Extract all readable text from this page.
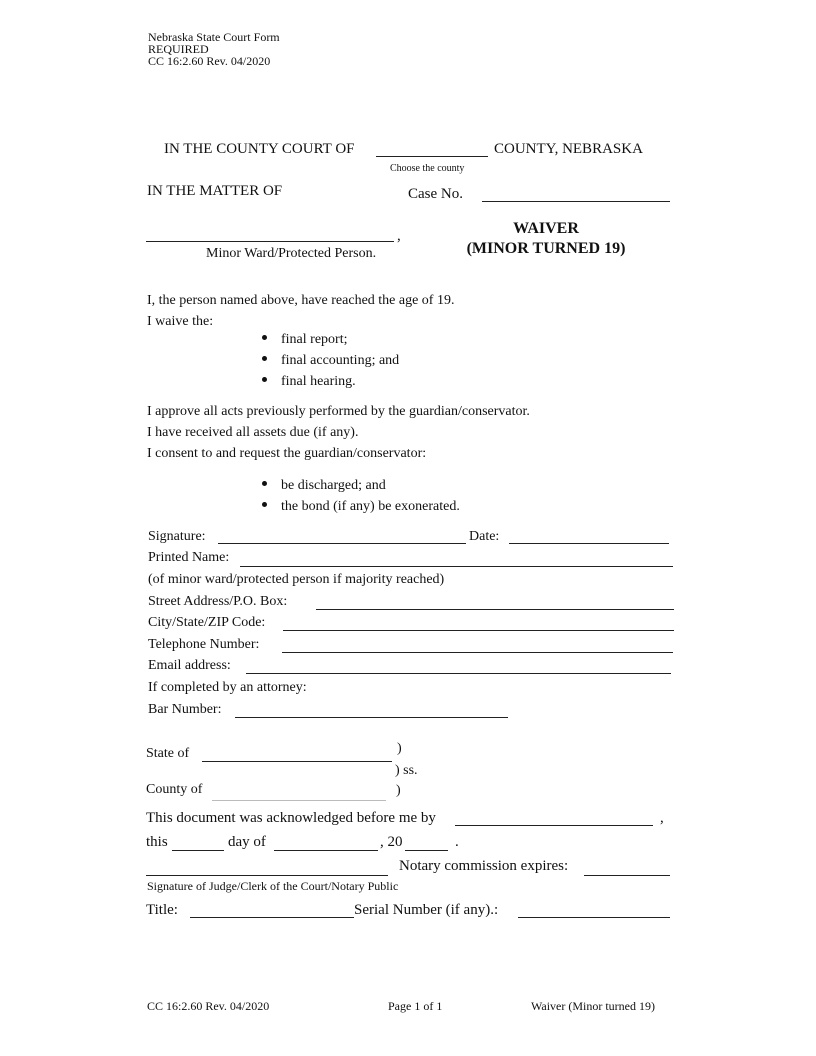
Nebraska State Court Form
REQUIRED
CC 16:2.60 Rev. 04/2020
IN THE COUNTY COURT OF	COUNTY, NEBRASKA
Choose the county
IN THE MATTER OF	Case No.
,
Minor Ward/Protected Person.
WAIVER
(MINOR TURNED 19)
I, the person named above, have reached the age of 19.
I waive the:
final report;
final accounting; and
final hearing.
I approve all acts previously performed by the guardian/conservator.
I have received all assets due (if any).
I consent to and request the guardian/conservator:
be discharged; and
the bond (if any) be exonerated.
Signature:	Date:
Printed Name:
(of minor ward/protected person if majority reached)
Street Address/P.O. Box:
City/State/ZIP Code:
Telephone Number:
Email address:
If completed by an attorney:
Bar Number:
State of	)
) ss.
County of	)
This document was acknowledged before me by	,
this	day of	, 20	.
Notary commission expires:
Signature of Judge/Clerk of the Court/Notary Public
Title:	Serial Number (if any).:
CC 16:2.60 Rev. 04/2020	Page 1 of 1	Waiver (Minor turned 19)
